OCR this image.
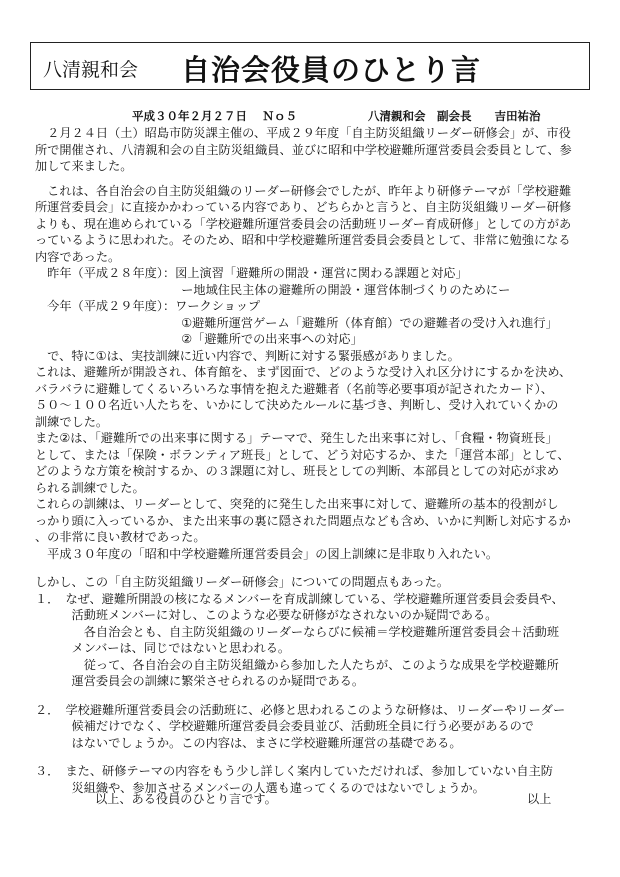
八清親和会 自治会役員のひとり言
平成３０年２月２７日　 Ｎｏ５	八清親和会　副会長　　吉田祐治

　２月２４日（土）昭島市防災課主催の、平成２９年度「自主防災組織リーダー研修会」が、市役

所で開催され、八清親和会の自主防災組織員、並びに昭和中学校避難所運営委員会委員として、参

加して来ました。

　これは、各自治会の自主防災組織のリーダー研修会でしたが、昨年より研修テーマが「学校避難

所運営委員会」に直接かかわっている内容であり、どちらかと言うと、自主防災組織リーダー研修

よりも、現在進められている「学校避難所運営委員会の活動班リーダー育成研修」としての方があ

っているように思われた。そのため、昭和中学校避難所運営委員会委員として、非常に勉強になる

内容であった。

　昨年（平成２８年度）：図上演習「避難所の開設・運営に関わる課題と対応」

　　　　　　　　　　　　ー地域住民主体の避難所の開設・運営体制づくりのためにー

　今年（平成２９年度）：ワークショップ

　　　　　　　　　　　　①避難所運営ゲーム「避難所（体育館）での避難者の受け入れ進行」

　　　　　　　　　　　　②「避難所での出来事への対応」

　で、特に①は、実技訓練に近い内容で、判断に対する緊張感がありました。

これは、避難所が開設され、体育館を、まず図面で、どのような受け入れ区分けにするかを決め、

バラバラに避難してくるいろいろな事情を抱えた避難者（名前等必要事項が記されたカード）、

５０～１００名近い人たちを、いかにして決めたルールに基づき、判断し、受け入れていくかの

訓練でした。

また②は、「避難所での出来事に関する」テーマで、発生した出来事に対し、「食糧・物資班長」

として、または「保険・ボランティア班長」として、どう対応するか、また「運営本部」として、

どのような方策を検討するか、の３課題に対し、班長としての判断、本部員としての対応が求め

られる訓練でした。

これらの訓練は、リーダーとして、突発的に発生した出来事に対して、避難所の基本的役割がし

っかり頭に入っているか、また出来事の裏に隠された問題点なども含め、いかに判断し対応するか

、の非常に良い教材であった。

　平成３０年度の「昭和中学校避難所運営委員会」の図上訓練に是非取り入れたい。

しかし、この「自主防災組織リーダー研修会」についての問題点もあった。

１．　なぜ、避難所開設の核になるメンバーを育成訓練している、学校避難所運営委員会委員や、

　　　活動班メンバーに対し、このような必要な研修がなされないのか疑問である。

　　　　各自治会とも、自主防災組織のリーダーならびに候補＝学校避難所運営委員会＋活動班

　　　メンバーは、同じではないと思われる。

　　　　従って、各自治会の自主防災組織から参加した人たちが、このような成果を学校避難所

　　　運営委員会の訓練に繁栄させられるのか疑問である。

２．　学校避難所運営委員会の活動班に、必修と思われるこのような研修は、リーダーやリーダー

　　　候補だけでなく、学校避難所運営委員会委員並び、活動班全員に行う必要があるので

　　　はないでしょうか。この内容は、まさに学校避難所運営の基礎である。

３．　また、研修テーマの内容をもう少し詳しく案内していただければ、参加していない自主防

　　　災組織や、参加させるメンバーの人選も違ってくるのではないでしょうか。

以上、ある役員のひとり言です。	以上
